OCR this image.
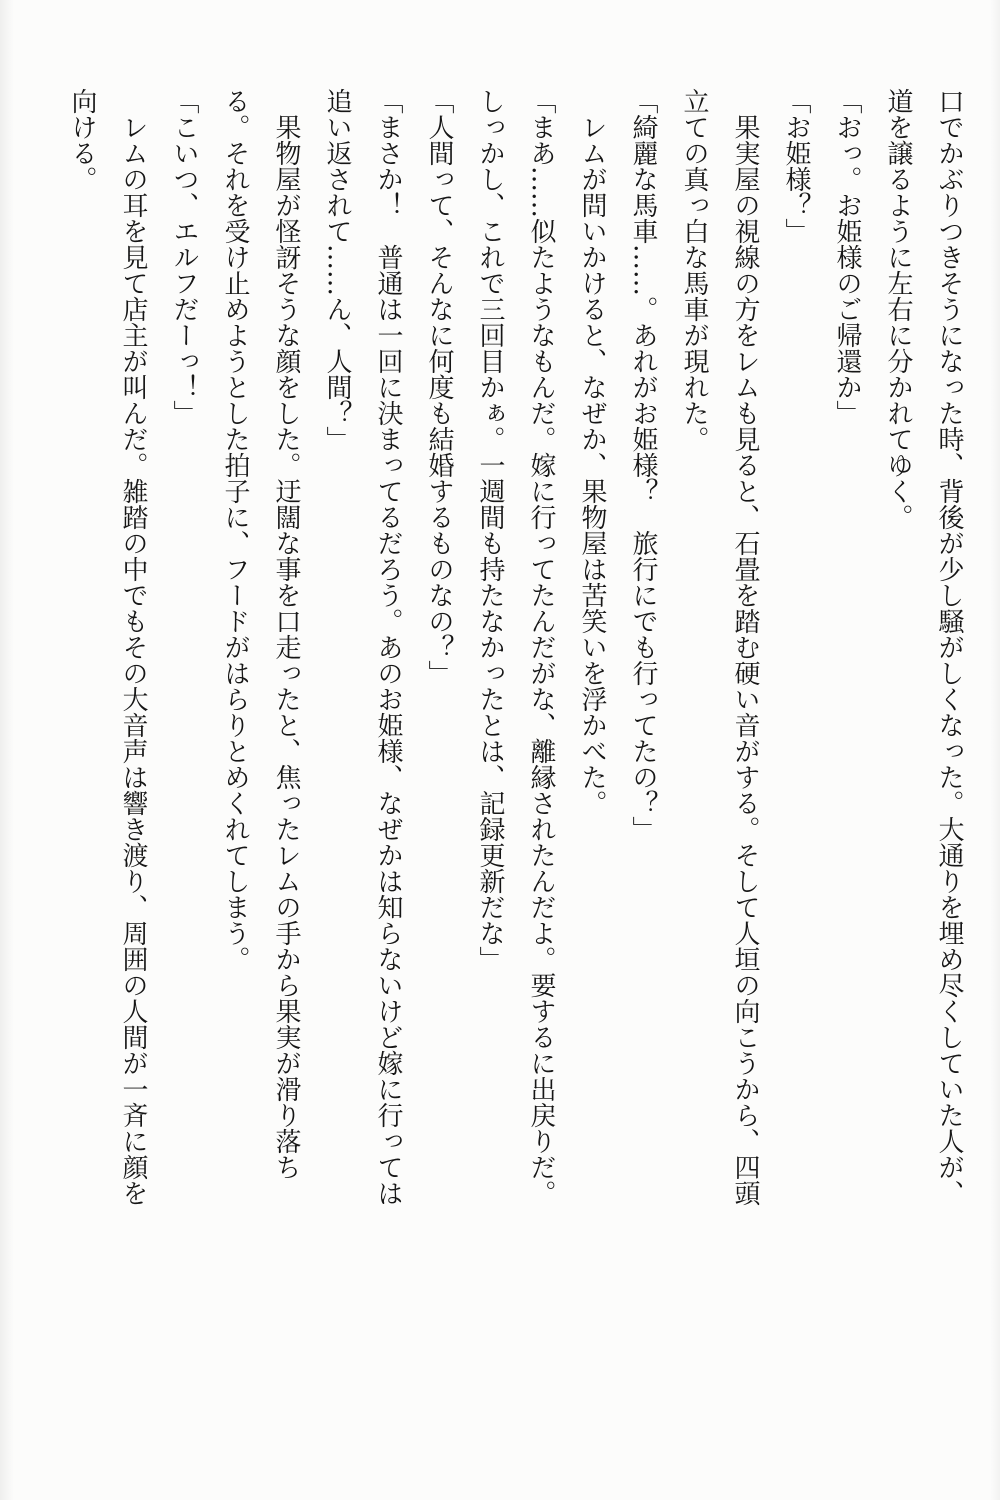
口でかぶりつきそうになった時、背後が少し騒がしくなった。大通りを埋め尽くしていた人が、道を譲るように左右に分かれてゆく。

「おっ。お姫様のご帰還か」

「お姫様？」

果実屋の視線の方をレムも見ると、石畳を踏む硬い音がする。そして人垣の向こうから、四頭立ての真っ白な馬車が現れた。

「綺麗な馬車……。あれがお姫様？　旅行にでも行ってたの？」

レムが問いかけると、なぜか、果物屋は苦笑いを浮かべた。

「まあ……似たようなもんだ。嫁に行ってたんだがな、離縁されたんだよ。要するに出戻りだ。しっかし、これで三回目かぁ。一週間も持たなかったとは、記録更新だな」

「人間って、そんなに何度も結婚するものなの？」

「まさか！　普通は一回に決まってるだろう。あのお姫様、なぜかは知らないけど嫁に行っては追い返されて……ん、人間？」

果物屋が怪訝そうな顔をした。迂闊な事を口走ったと、焦ったレムの手から果実が滑り落ちる。それを受け止めようとした拍子に、フードがはらりとめくれてしまう。

「こいつ、エルフだーっ！」

レムの耳を見て店主が叫んだ。雑踏の中でもその大音声は響き渡り、周囲の人間が一斉に顔を向ける。
